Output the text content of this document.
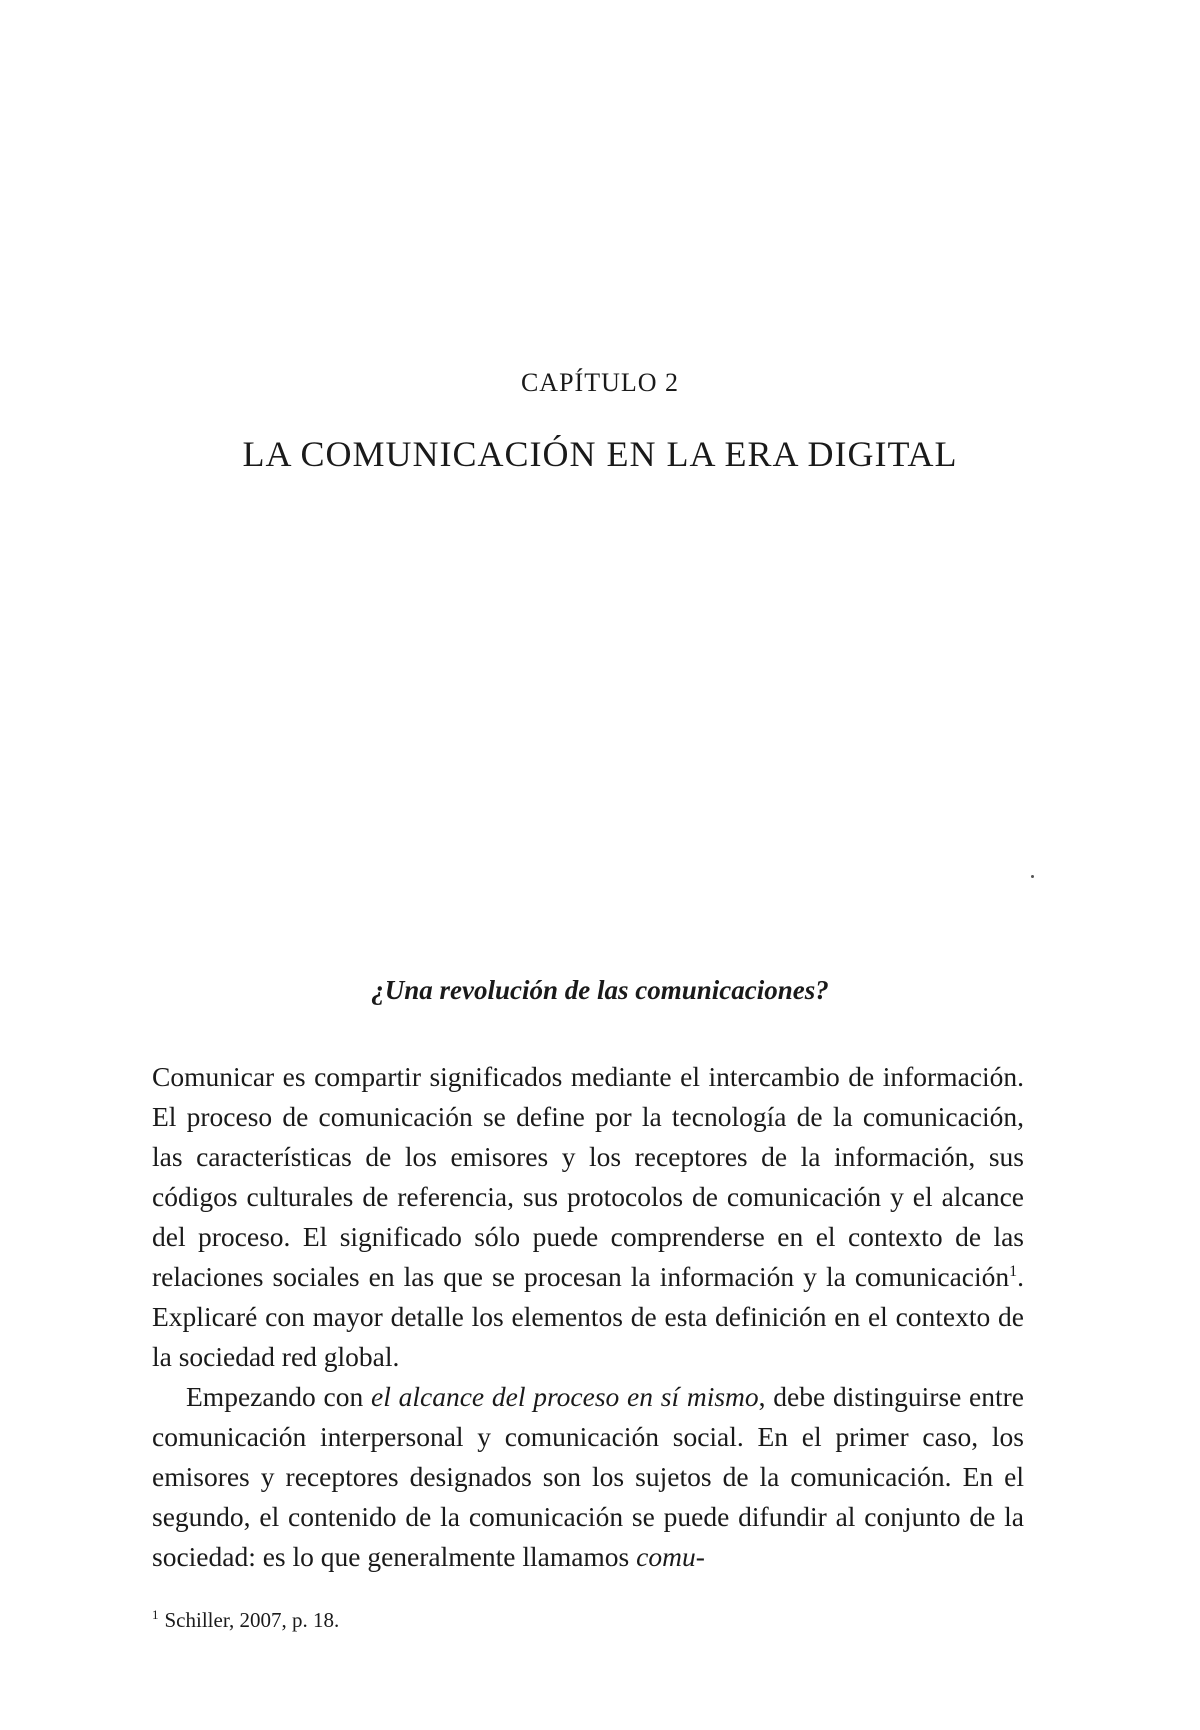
CAPÍTULO 2
LA COMUNICACIÓN EN LA ERA DIGITAL
¿Una revolución de las comunicaciones?

Comunicar es compartir significados mediante el intercambio de información. El proceso de comunicación se define por la tecnología de la comunicación, las características de los emisores y los receptores de la información, sus códigos culturales de referencia, sus protocolos de comunicación y el alcance del proceso. El significado sólo puede comprenderse en el contexto de las relaciones sociales en las que se procesan la información y la comunicación$^1$. Explicaré con mayor detalle los elementos de esta definición en el contexto de la sociedad red global.

Empezando con el alcance del proceso en sí mismo, debe distinguirse entre comunicación interpersonal y comunicación social. En el primer caso, los emisores y receptores designados son los sujetos de la comunicación. En el segundo, el contenido de la comunicación se puede difundir al conjunto de la sociedad: es lo que generalmente llamamos comu-

$^1$ Schiller, 2007, p. 18.
